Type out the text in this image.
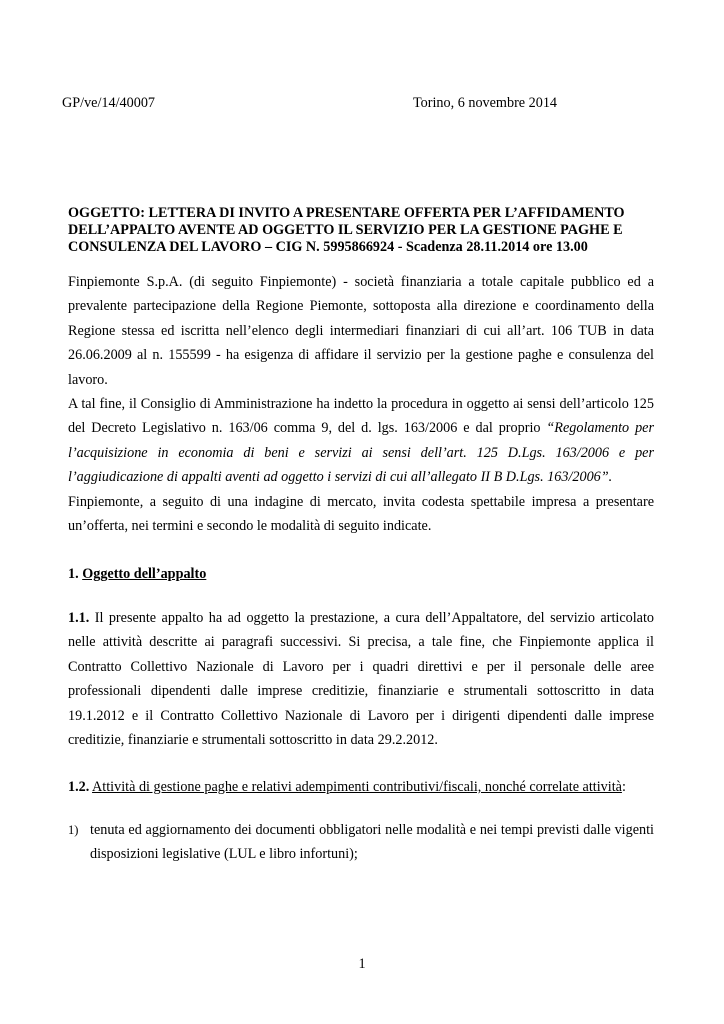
GP/ve/14/40007	Torino, 6 novembre 2014
OGGETTO: LETTERA DI INVITO A PRESENTARE OFFERTA PER L’AFFIDAMENTO DELL’APPALTO AVENTE AD OGGETTO IL SERVIZIO PER LA GESTIONE PAGHE E CONSULENZA DEL LAVORO – CIG N. 5995866924 - Scadenza 28.11.2014 ore 13.00

Finpiemonte S.p.A. (di seguito Finpiemonte) - società finanziaria a totale capitale pubblico ed a prevalente partecipazione della Regione Piemonte, sottoposta alla direzione e coordinamento della Regione stessa ed iscritta nell’elenco degli intermediari finanziari di cui all’art. 106 TUB in data 26.06.2009 al n. 155599 - ha esigenza di affidare il servizio per la gestione paghe e consulenza del lavoro.

A tal fine, il Consiglio di Amministrazione ha indetto la procedura in oggetto ai sensi dell’articolo 125 del Decreto Legislativo n. 163/06 comma 9, del d. lgs. 163/2006 e dal proprio “Regolamento per l’acquisizione in economia di beni e servizi ai sensi dell’art. 125 D.Lgs. 163/2006 e per l’aggiudicazione di appalti aventi ad oggetto i servizi di cui all’allegato II B D.Lgs. 163/2006”.

Finpiemonte, a seguito di una indagine di mercato, invita codesta spettabile impresa a presentare un’offerta, nei termini e secondo le modalità di seguito indicate.

1. Oggetto dell’appalto
1.1. Il presente appalto ha ad oggetto la prestazione, a cura dell’Appaltatore, del servizio articolato nelle attività descritte ai paragrafi successivi. Si precisa, a tale fine, che Finpiemonte applica il Contratto Collettivo Nazionale di Lavoro per i quadri direttivi e per il personale delle aree professionali dipendenti dalle imprese creditizie, finanziarie e strumentali sottoscritto in data 19.1.2012 e il Contratto Collettivo Nazionale di Lavoro per i dirigenti dipendenti dalle imprese creditizie, finanziarie e strumentali sottoscritto in data 29.2.2012.
1.2. Attività di gestione paghe e relativi adempimenti contributivi/fiscali, nonché correlate attività:
1) tenuta ed aggiornamento dei documenti obbligatori nelle modalità e nei tempi previsti dalle vigenti disposizioni legislative (LUL e libro infortuni);
1
